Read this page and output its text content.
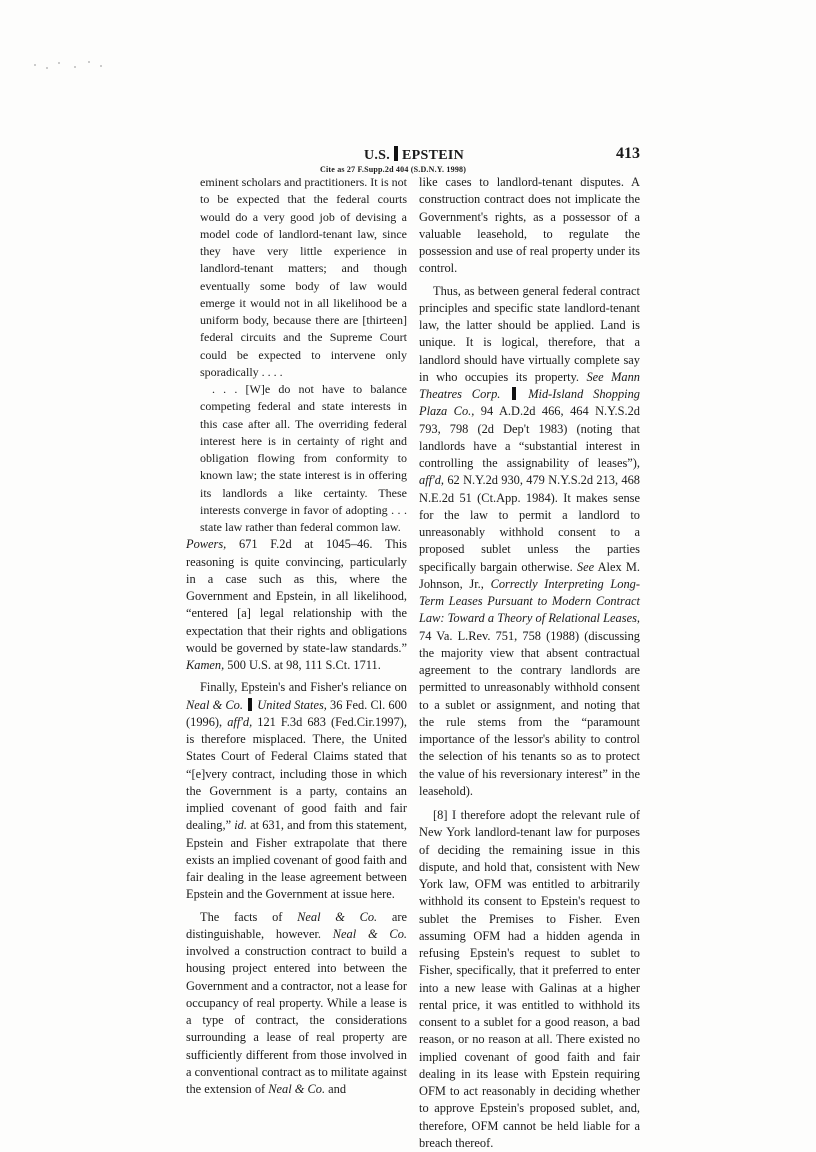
U.S. EPSTEIN	413
Cite as 27 F.Supp.2d 404 (S.D.N.Y. 1998)

eminent scholars and practitioners. It is not to be expected that the federal courts would do a very good job of devising a model code of landlord-tenant law, since they have very little experience in landlord-tenant matters; and though eventually some body of law would emerge it would not in all likelihood be a uniform body, because there are [thirteen] federal circuits and the Supreme Court could be expected to intervene only sporadically . . . .

. . . [W]e do not have to balance competing federal and state interests in this case after all. The overriding federal interest here is in certainty of right and obligation flowing from conformity to known law; the state interest is in offering its landlords a like certainty. These interests converge in favor of adopting . . . state law rather than federal common law.

Powers, 671 F.2d at 1045–46. This reasoning is quite convincing, particularly in a case such as this, where the Government and Epstein, in all likelihood, “entered [a] legal relationship with the expectation that their rights and obligations would be governed by state-law standards.” Kamen, 500 U.S. at 98, 111 S.Ct. 1711.

Finally, Epstein's and Fisher's reliance on Neal & Co. United States, 36 Fed. Cl. 600 (1996), aff'd, 121 F.3d 683 (Fed.Cir.1997), is therefore misplaced. There, the United States Court of Federal Claims stated that “[e]very contract, including those in which the Government is a party, contains an implied covenant of good faith and fair dealing,” id. at 631, and from this statement, Epstein and Fisher extrapolate that there exists an implied covenant of good faith and fair dealing in the lease agreement between Epstein and the Government at issue here.

The facts of Neal & Co. are distinguishable, however. Neal & Co. involved a construction contract to build a housing project entered into between the Government and a contractor, not a lease for occupancy of real property. While a lease is a type of contract, the considerations surrounding a lease of real property are sufficiently different from those involved in a conventional contract as to militate against the extension of Neal & Co. and

like cases to landlord-tenant disputes. A construction contract does not implicate the Government's rights, as a possessor of a valuable leasehold, to regulate the possession and use of real property under its control.

Thus, as between general federal contract principles and specific state landlord-tenant law, the latter should be applied. Land is unique. It is logical, therefore, that a landlord should have virtually complete say in who occupies its property. See Mann Theatres Corp. Mid-Island Shopping Plaza Co., 94 A.D.2d 466, 464 N.Y.S.2d 793, 798 (2d Dep't 1983) (noting that landlords have a “substantial interest in controlling the assignability of leases”), aff'd, 62 N.Y.2d 930, 479 N.Y.S.2d 213, 468 N.E.2d 51 (Ct.App. 1984). It makes sense for the law to permit a landlord to unreasonably withhold consent to a proposed sublet unless the parties specifically bargain otherwise. See Alex M. Johnson, Jr., Correctly Interpreting Long-Term Leases Pursuant to Modern Contract Law: Toward a Theory of Relational Leases, 74 Va. L.Rev. 751, 758 (1988) (discussing the majority view that absent contractual agreement to the contrary landlords are permitted to unreasonably withhold consent to a sublet or assignment, and noting that the rule stems from the “paramount importance of the lessor's ability to control the selection of his tenants so as to protect the value of his reversionary interest” in the leasehold).

[8] I therefore adopt the relevant rule of New York landlord-tenant law for purposes of deciding the remaining issue in this dispute, and hold that, consistent with New York law, OFM was entitled to arbitrarily withhold its consent to Epstein's request to sublet the Premises to Fisher. Even assuming OFM had a hidden agenda in refusing Epstein's request to sublet to Fisher, specifically, that it preferred to enter into a new lease with Galinas at a higher rental price, it was entitled to withhold its consent to a sublet for a good reason, a bad reason, or no reason at all. There existed no implied covenant of good faith and fair dealing in its lease with Epstein requiring OFM to act reasonably in deciding whether to approve Epstein's proposed sublet, and, therefore, OFM cannot be held liable for a breach thereof.
